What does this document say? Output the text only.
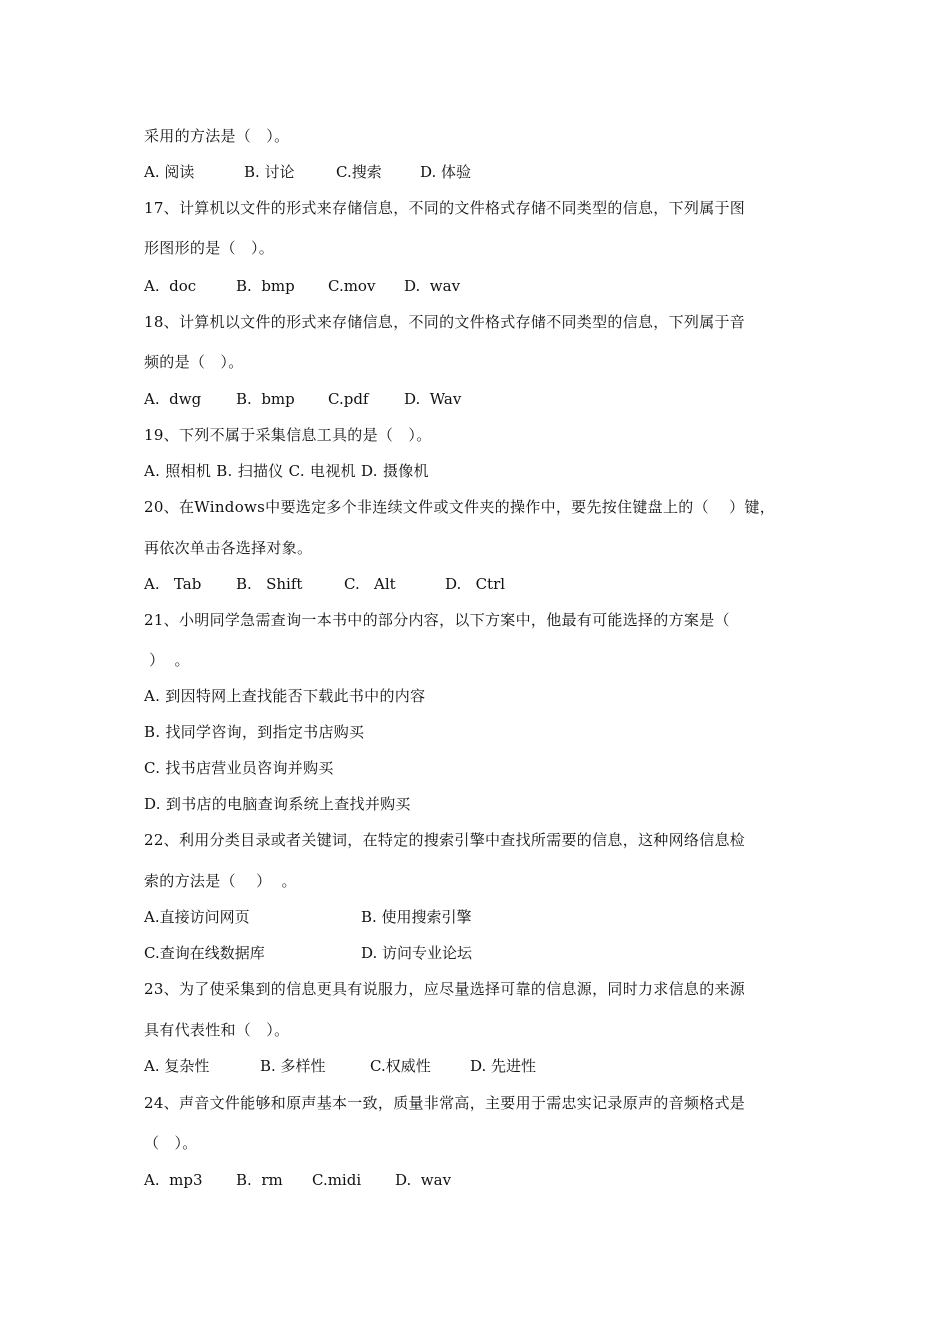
采用的方法是（   ）。
A. 阅读	B. 讨论	C.搜索	D. 体验
17、计算机以文件的形式来存储信息，不同的文件格式存储不同类型的信息，下列属于图
形图形的是（   ）。
A.  doc	B.  bmp C.mov D.  wav
18、计算机以文件的形式来存储信息，不同的文件格式存储不同类型的信息，下列属于音
频的是（   ）。
A.  dwg B.  bmp C.pdf D.  Wav
19、下列不属于采集信息工具的是（   ）。
A. 照相机 B. 扫描仪 C. 电视机 D. 摄像机
20、在Windows中要选定多个非连续文件或文件夹的操作中，要先按住键盘上的（    ）键，
再依次单击各选择对象。
A.   Tab B.   Shift	C.   Alt	D.   Ctrl
21、小明同学急需查询一本书中的部分内容，以下方案中，他最有可能选择的方案是（
）  。
A. 到因特网上查找能否下载此书中的内容
B. 找同学咨询，到指定书店购买
C. 找书店营业员咨询并购买
D. 到书店的电脑查询系统上查找并购买
22、利用分类目录或者关键词，在特定的搜索引擎中查找所需要的信息，这种网络信息检
索的方法是（    ）  。
A.直接访问网页	B. 使用搜索引擎
C.查询在线数据库	D. 访问专业论坛
23、为了使采集到的信息更具有说服力，应尽量选择可靠的信息源，同时力求信息的来源
具有代表性和（   ）。
A. 复杂性	B. 多样性	C.权威性	D. 先进性
24、声音文件能够和原声基本一致，质量非常高，主要用于需忠实记录原声的音频格式是
（   ）。
A.  mp3 B.  rm C.midi D.  wav
